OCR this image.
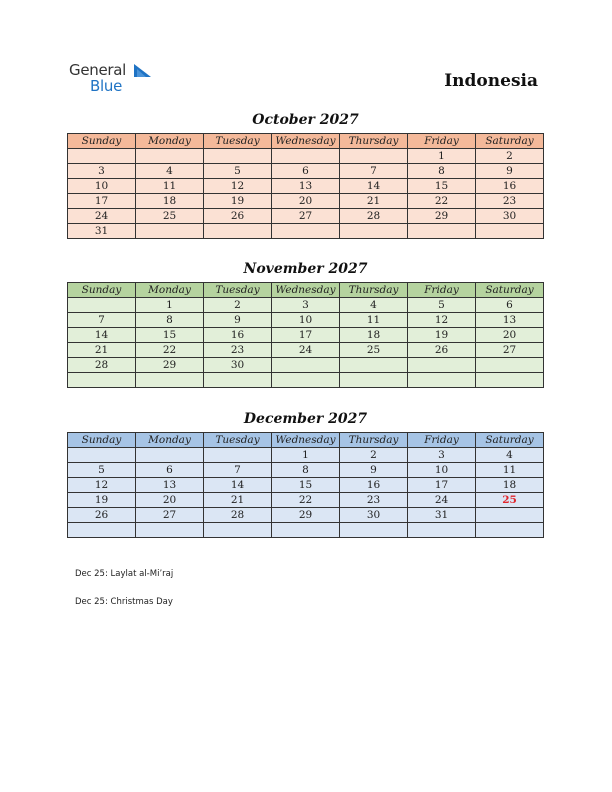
General
Blue	Indonesia
October 2027
Sunday	Monday	Tuesday	Wednesday	Thursday	Friday	Saturday
					1	2
3	4	5	6	7	8	9
10	11	12	13	14	15	16
17	18	19	20	21	22	23
24	25	26	27	28	29	30
31						
November 2027
Sunday	Monday	Tuesday	Wednesday	Thursday	Friday	Saturday
	1	2	3	4	5	6
7	8	9	10	11	12	13
14	15	16	17	18	19	20
21	22	23	24	25	26	27
28	29	30				

December 2027
Sunday	Monday	Tuesday	Wednesday	Thursday	Friday	Saturday
			1	2	3	4
5	6	7	8	9	10	11
12	13	14	15	16	17	18
19	20	21	22	23	24	25
26	27	28	29	30	31	

Dec 25: Laylat al-Mi’raj
Dec 25: Christmas Day
